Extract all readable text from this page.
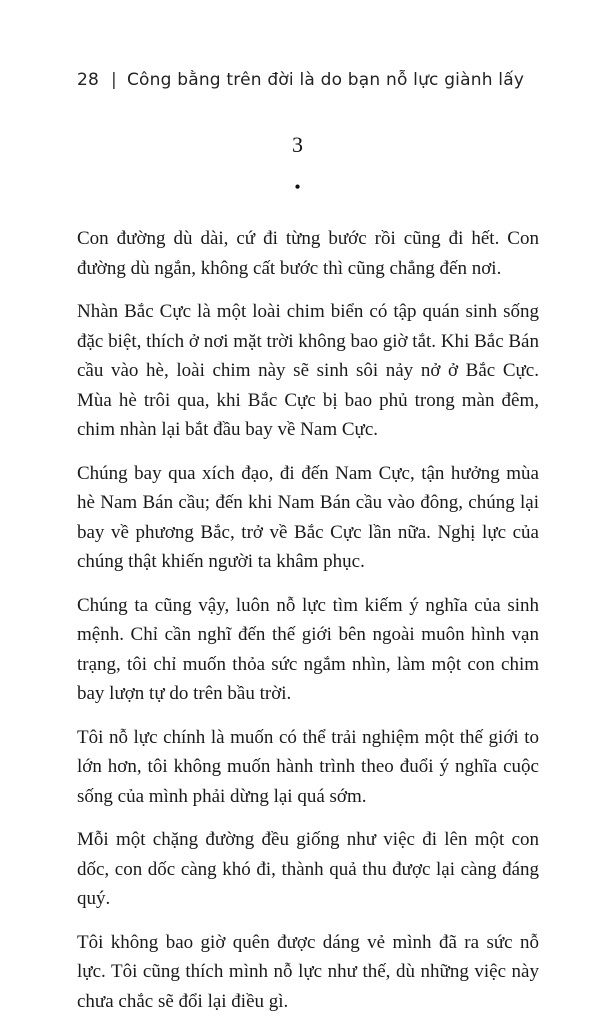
28 | Công bằng trên đời là do bạn nỗ lực giành lấy
3
•

Con đường dù dài, cứ đi từng bước rồi cũng đi hết. Con đường dù ngắn, không cất bước thì cũng chẳng đến nơi.

Nhàn Bắc Cực là một loài chim biển có tập quán sinh sống đặc biệt, thích ở nơi mặt trời không bao giờ tắt. Khi Bắc Bán cầu vào hè, loài chim này sẽ sinh sôi nảy nở ở Bắc Cực. Mùa hè trôi qua, khi Bắc Cực bị bao phủ trong màn đêm, chim nhàn lại bắt đầu bay về Nam Cực.

Chúng bay qua xích đạo, đi đến Nam Cực, tận hưởng mùa hè Nam Bán cầu; đến khi Nam Bán cầu vào đông, chúng lại bay về phương Bắc, trở về Bắc Cực lần nữa. Nghị lực của chúng thật khiến người ta khâm phục.

Chúng ta cũng vậy, luôn nỗ lực tìm kiếm ý nghĩa của sinh mệnh. Chỉ cần nghĩ đến thế giới bên ngoài muôn hình vạn trạng, tôi chỉ muốn thỏa sức ngắm nhìn, làm một con chim bay lượn tự do trên bầu trời.

Tôi nỗ lực chính là muốn có thể trải nghiệm một thế giới to lớn hơn, tôi không muốn hành trình theo đuổi ý nghĩa cuộc sống của mình phải dừng lại quá sớm.

Mỗi một chặng đường đều giống như việc đi lên một con dốc, con dốc càng khó đi, thành quả thu được lại càng đáng quý.

Tôi không bao giờ quên được dáng vẻ mình đã ra sức nỗ lực. Tôi cũng thích mình nỗ lực như thế, dù những việc này chưa chắc sẽ đổi lại điều gì.
